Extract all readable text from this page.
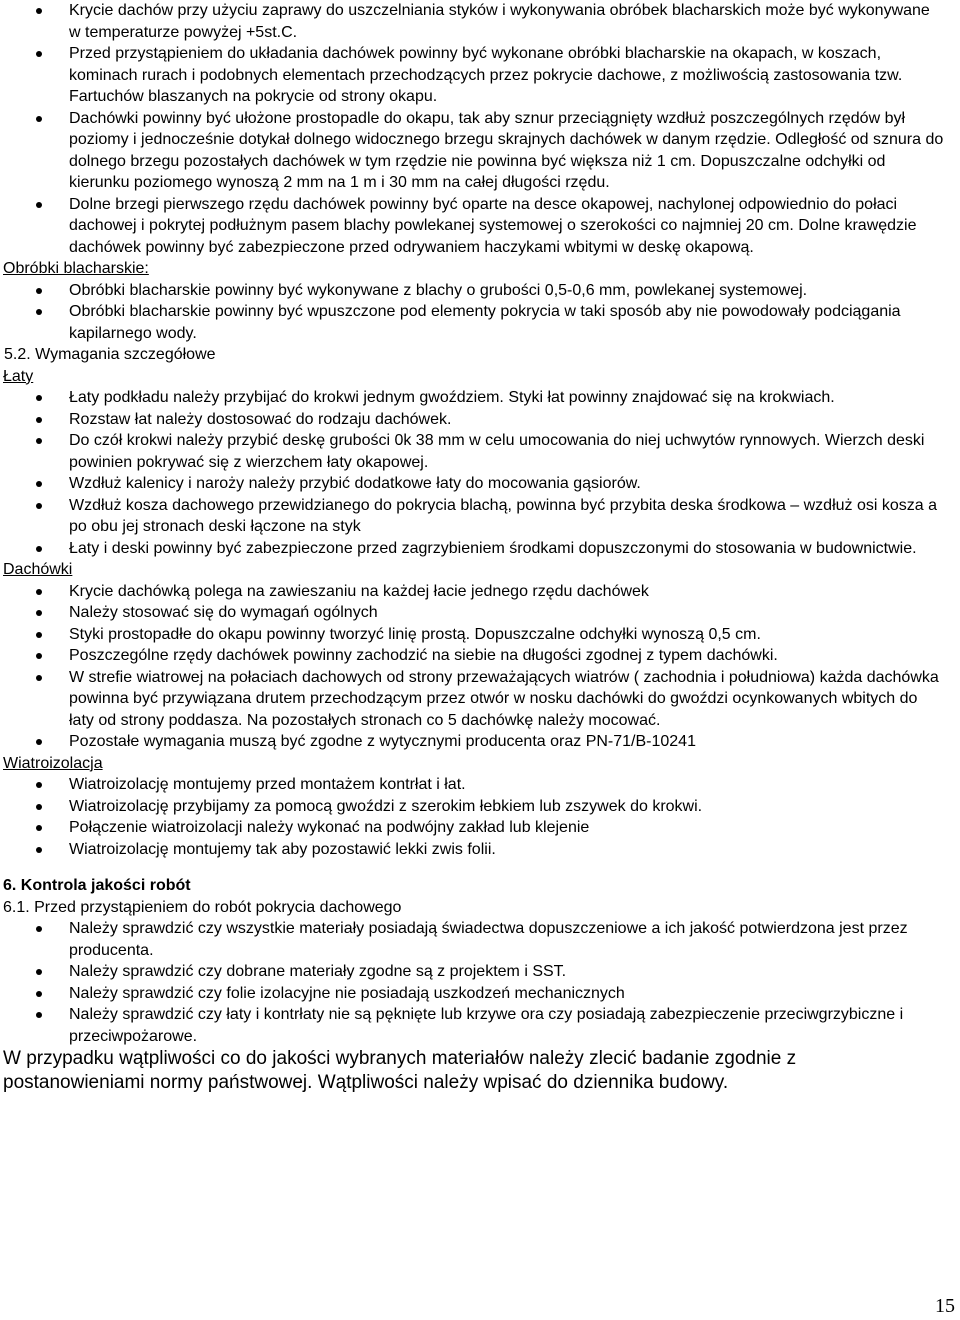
Krycie dachów przy użyciu zaprawy do uszczelniania styków i wykonywania obróbek blacharskich może być wykonywane w temperaturze powyżej +5st.C.
Przed przystąpieniem do układania dachówek powinny być wykonane obróbki blacharskie na okapach, w koszach, kominach rurach i podobnych elementach przechodzących przez pokrycie dachowe, z możliwością zastosowania tzw. Fartuchów blaszanych na pokrycie od strony okapu.
Dachówki powinny być ułożone prostopadle do okapu, tak aby sznur przeciągnięty wzdłuż poszczególnych rzędów był poziomy i jednocześnie dotykał dolnego widocznego brzegu skrajnych dachówek w danym rzędzie. Odległość od sznura do dolnego brzegu pozostałych dachówek w tym rzędzie nie powinna być większa niż 1 cm. Dopuszczalne odchyłki od kierunku poziomego wynoszą 2 mm na 1 m i 30 mm na całej długości rzędu.
Dolne brzegi pierwszego rzędu dachówek powinny być oparte na desce okapowej, nachylonej odpowiednio do połaci dachowej i pokrytej podłużnym pasem blachy powlekanej systemowej o szerokości co najmniej 20 cm. Dolne krawędzie dachówek powinny być zabezpieczone przed odrywaniem haczykami wbitymi w deskę okapową.
Obróbki blacharskie:
Obróbki blacharskie powinny być wykonywane z blachy o grubości 0,5-0,6 mm, powlekanej systemowej.
Obróbki blacharskie powinny być wpuszczone pod elementy pokrycia w taki sposób aby nie powodowały podciągania kapilarnego wody.
5.2. Wymagania szczegółowe
Łaty
Łaty podkładu należy przybijać do krokwi jednym gwoździem. Styki łat powinny znajdować się na krokwiach.
Rozstaw łat należy dostosować do rodzaju dachówek.
Do czół krokwi należy przybić deskę grubości 0k 38 mm w celu umocowania do niej uchwytów rynnowych. Wierzch deski powinien pokrywać się z wierzchem łaty okapowej.
Wzdłuż kalenicy i naroży należy przybić dodatkowe łaty do mocowania gąsiorów.
Wzdłuż kosza dachowego przewidzianego do pokrycia blachą, powinna być przybita deska środkowa – wzdłuż osi kosza a po obu jej stronach deski łączone na styk
Łaty i deski powinny być zabezpieczone przed zagrzybieniem środkami dopuszczonymi do stosowania w budownictwie.
Dachówki
Krycie dachówką polega na zawieszaniu na każdej łacie jednego rzędu dachówek
Należy stosować się do wymagań ogólnych
Styki prostopadłe do okapu powinny tworzyć linię prostą. Dopuszczalne odchyłki wynoszą 0,5 cm.
Poszczególne rzędy dachówek powinny zachodzić na siebie na długości zgodnej z typem dachówki.
W strefie wiatrowej na połaciach dachowych od strony przeważających wiatrów ( zachodnia i południowa) każda dachówka powinna być przywiązana drutem przechodzącym przez otwór w nosku dachówki do gwoździ ocynkowanych wbitych do łaty od strony poddasza. Na pozostałych stronach co 5 dachówkę należy mocować.
Pozostałe wymagania muszą być zgodne z wytycznymi producenta oraz PN-71/B-10241
Wiatroizolacja
Wiatroizolację montujemy przed montażem kontrłat i łat.
Wiatroizolację przybijamy za pomocą gwoździ z szerokim łebkiem lub zszywek do krokwi.
Połączenie wiatroizolacji należy wykonać na podwójny zakład lub klejenie
Wiatroizolację montujemy tak aby pozostawić lekki zwis folii.
6. Kontrola jakości robót
6.1. Przed przystąpieniem do robót pokrycia dachowego
Należy sprawdzić czy wszystkie materiały posiadają świadectwa dopuszczeniowe a ich jakość potwierdzona jest przez producenta.
Należy sprawdzić czy dobrane materiały zgodne są z projektem i SST.
Należy sprawdzić czy folie izolacyjne nie posiadają uszkodzeń mechanicznych
Należy sprawdzić czy łaty i kontrłaty nie są pęknięte lub krzywe ora czy posiadają zabezpieczenie przeciwgrzybiczne i przeciwpożarowe.
W przypadku wątpliwości co do jakości wybranych materiałów należy zlecić badanie zgodnie z postanowieniami normy państwowej. Wątpliwości należy wpisać do dziennika budowy.
15
